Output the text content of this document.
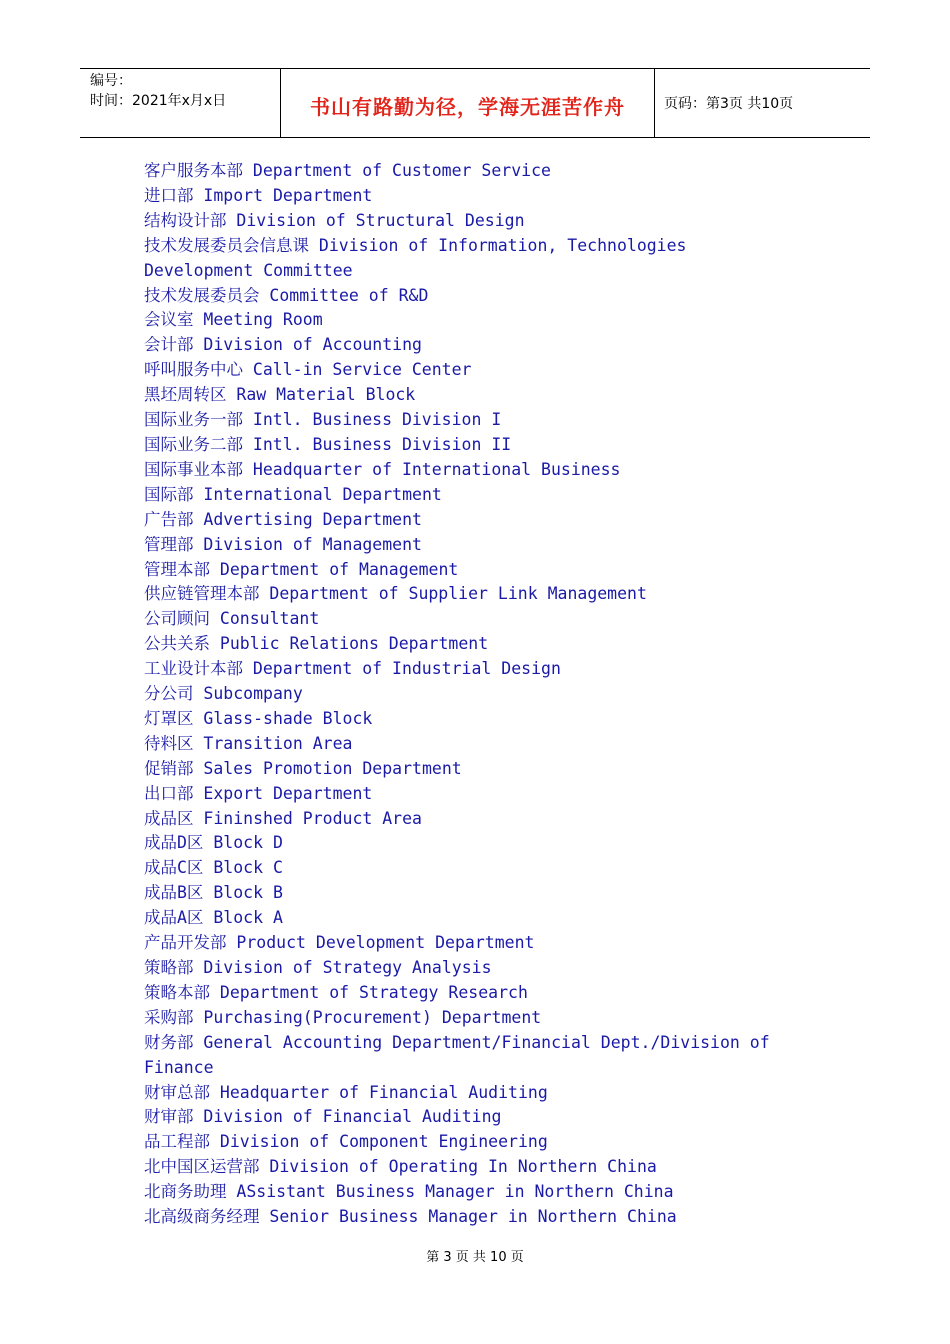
编号：
时间：2021年x月x日	书山有路勤为径，学海无涯苦作舟	页码：第3页 共10页
客户服务本部 Department of Customer Service
进口部 Import Department
结构设计部 Division of Structural Design
技术发展委员会信息课 Division of Information, Technologies Development Committee
技术发展委员会 Committee of R&D
会议室 Meeting Room
会计部 Division of Accounting
呼叫服务中心 Call-in Service Center
黑坯周转区 Raw Material Block
国际业务一部 Intl. Business Division I
国际业务二部 Intl. Business Division II
国际事业本部 Headquarter of International Business
国际部 International Department
广告部 Advertising Department
管理部 Division of Management
管理本部 Department of Management
供应链管理本部 Department of Supplier Link Management
公司顾问 Consultant
公共关系 Public Relations Department
工业设计本部 Department of Industrial Design
分公司 Subcompany
灯罩区 Glass-shade Block
待料区 Transition Area
促销部 Sales Promotion Department
出口部 Export Department
成品区 Fininshed Product Area
成品D区 Block D
成品C区 Block C
成品B区 Block B
成品A区 Block A
产品开发部 Product Development Department
策略部 Division of Strategy Analysis
策略本部 Department of Strategy Research
采购部 Purchasing(Procurement) Department
财务部 General Accounting Department/Financial Dept./Division of Finance
财审总部 Headquarter of Financial Auditing
财审部 Division of Financial Auditing
品工程部 Division of Component Engineering
北中国区运营部 Division of Operating In Northern China
北商务助理 ASsistant Business Manager in Northern China
北高级商务经理 Senior Business Manager in Northern China
第 3 页 共 10 页
